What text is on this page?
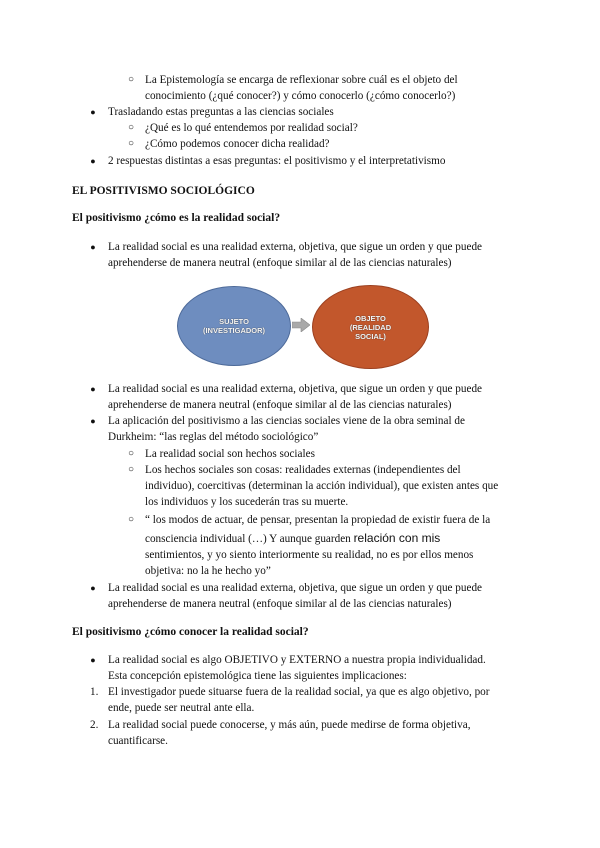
○ La Epistemología se encarga de reflexionar sobre cuál es el objeto del
conocimiento (¿qué conocer?) y cómo conocerlo (¿cómo conocerlo?)
●	Trasladando estas preguntas a las ciencias sociales
○ ¿Qué es lo qué entendemos por realidad social?
○ ¿Cómo podemos conocer dicha realidad?
●	2 respuestas distintas a esas preguntas: el positivismo y el interpretativismo
EL POSITIVISMO SOCIOLÓGICO
El positivismo ¿cómo es la realidad social?
●	La realidad social es una realidad externa, objetiva, que sigue un orden y que puede
aprehenderse de manera neutral (enfoque similar al de las ciencias naturales)
SUJETO
(INVESTIGADOR)
OBJETO
(REALIDAD
SOCIAL)
●	La realidad social es una realidad externa, objetiva, que sigue un orden y que puede
aprehenderse de manera neutral (enfoque similar al de las ciencias naturales)
●	La aplicación del positivismo a las ciencias sociales viene de la obra seminal de
Durkheim: “las reglas del método sociológico”
○ La realidad social son hechos sociales
○ Los hechos sociales son cosas: realidades externas (independientes del
individuo), coercitivas (determinan la acción individual), que existen antes que
los individuos y los sucederán tras su muerte.
○ “ los modos de actuar, de pensar, presentan la propiedad de existir fuera de la
consciencia individual (…) Y aunque guarden relación con mis
sentimientos, y yo siento interiormente su realidad, no es por ellos menos
objetiva: no la he hecho yo”
●	La realidad social es una realidad externa, objetiva, que sigue un orden y que puede
aprehenderse de manera neutral (enfoque similar al de las ciencias naturales)
El positivismo ¿cómo conocer la realidad social?
●	La realidad social es algo OBJETIVO y EXTERNO a nuestra propia individualidad.
Esta concepción epistemológica tiene las siguientes implicaciones:
1. El investigador puede situarse fuera de la realidad social, ya que es algo objetivo, por
ende, puede ser neutral ante ella.
2. La realidad social puede conocerse, y más aún, puede medirse de forma objetiva,
cuantificarse.
